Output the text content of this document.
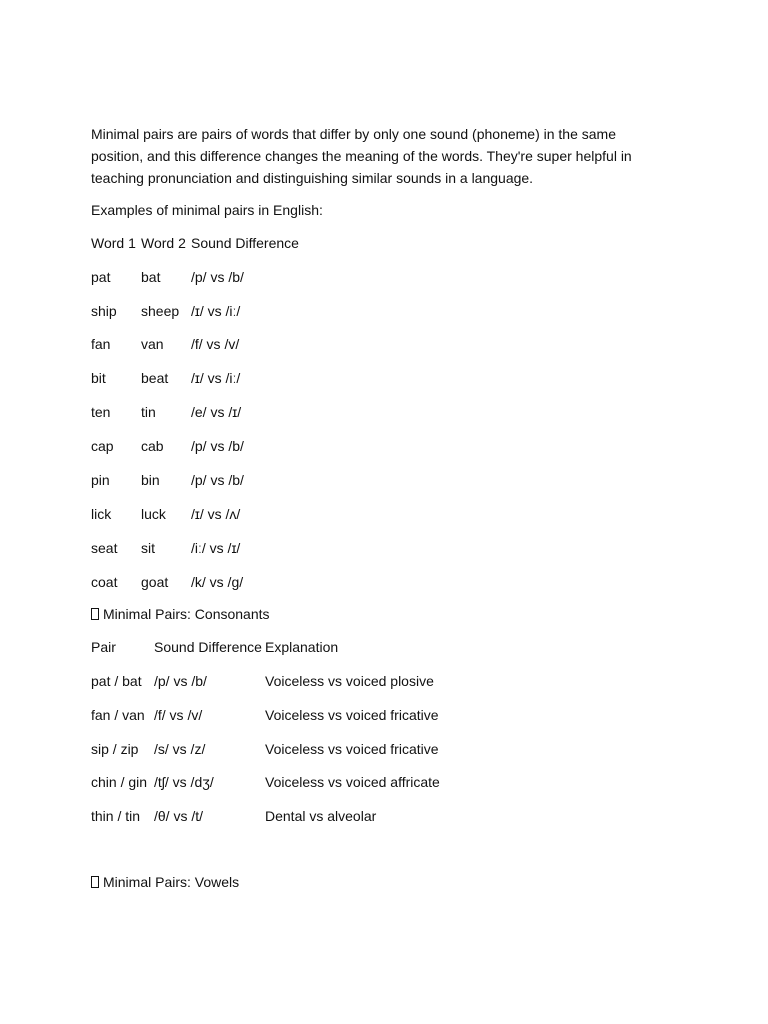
Minimal pairs are pairs of words that differ by only one sound (phoneme) in the same position, and this difference changes the meaning of the words. They're super helpful in teaching pronunciation and distinguishing similar sounds in a language.

Examples of minimal pairs in English:

Word 1 Word 2 Sound Difference
pat bat /p/ vs /b/
ship sheep /ɪ/ vs /iː/
fan van /f/ vs /v/
bit	beat /ɪ/ vs /iː/
ten tin	/e/ vs /ɪ/
cap cab /p/ vs /b/
pin bin /p/ vs /b/
lick luck /ɪ/ vs /ʌ/
seat sit	/iː/ vs /ɪ/
coat goat /k/ vs /g/

Minimal Pairs: Consonants

Pair	Sound Difference Explanation
pat / bat /p/ vs /b/	Voiceless vs voiced plosive
fan / van /f/ vs /v/	Voiceless vs voiced fricative
sip / zip /s/ vs /z/	Voiceless vs voiced fricative
chin / gin /tʃ/ vs /dʒ/	Voiceless vs voiced affricate
thin / tin /θ/ vs /t/	Dental vs alveolar

Minimal Pairs: Vowels
